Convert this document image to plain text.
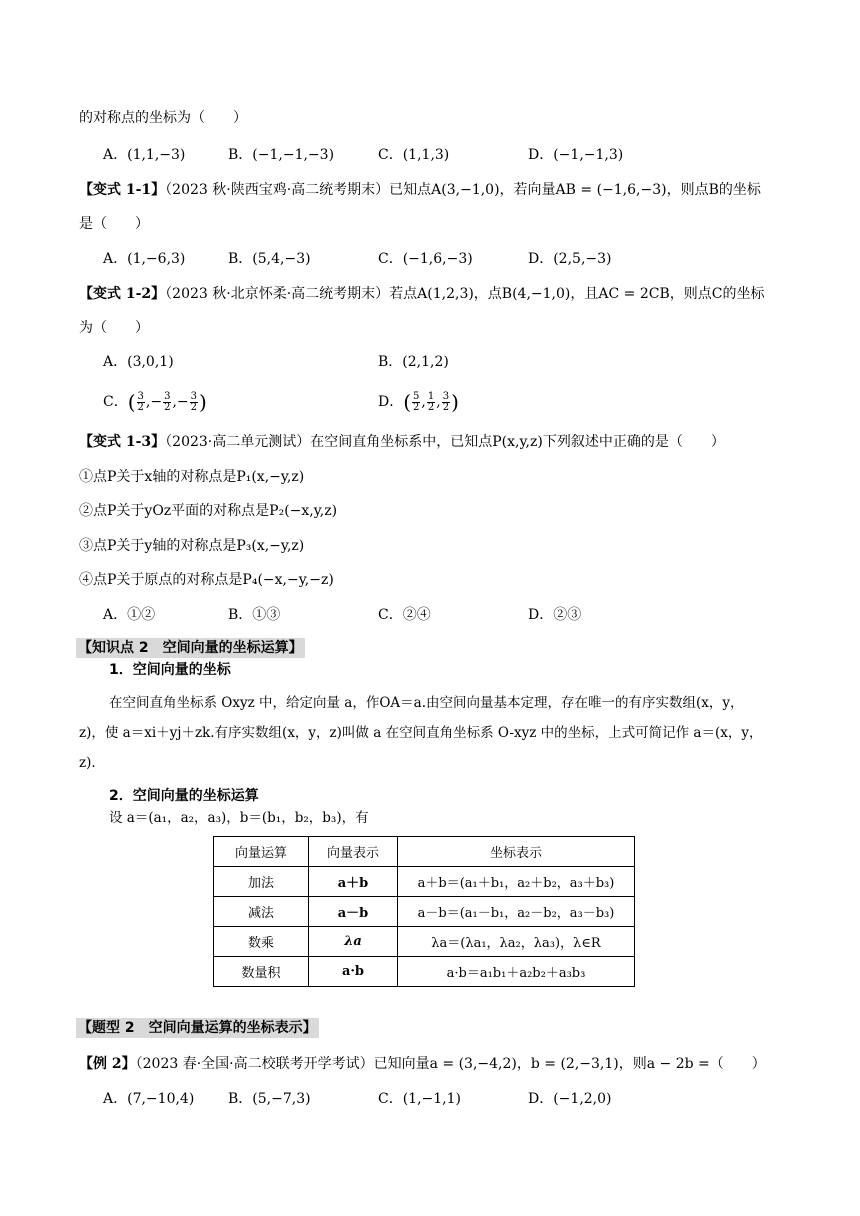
的对称点的坐标为（　　）
A．(1,1,−3)	B．(−1,−1,−3)	C．(1,1,3)	D．(−1,−1,3)
【变式 1-1】（2023 秋·陕西宝鸡·高二统考期末）已知点A(3,−1,0)，若向量AB = (−1,6,−3)，则点B的坐标
是（　　）
A．(1,−6,3)	B．(5,4,−3)	C．(−1,6,−3)	D．(2,5,−3)
【变式 1-2】（2023 秋·北京怀柔·高二统考期末）若点A(1,2,3)，点B(4,−1,0)，且AC = 2CB，则点C的坐标
为（　　）
A．(3,0,1)	B．(2,1,2)
C．( $\frac{3}{2}$ ,− $\frac{3}{2}$ ,− $\frac{3}{2}$ )	D．( $\frac{5}{2}$ , $\frac{1}{2}$ , $\frac{3}{2}$ )
【变式 1-3】（2023·高二单元测试）在空间直角坐标系中，已知点P(x,y,z)下列叙述中正确的是（　　）
①点P关于x轴的对称点是P₁(x,−y,z)
②点P关于yOz平面的对称点是P₂(−x,y,z)
③点P关于y轴的对称点是P₃(x,−y,z)
④点P关于原点的对称点是P₄(−x,−y,−z)
A．①②	B．①③	C．②④	D．②③
【知识点 2　空间向量的坐标运算】
1．空间向量的坐标
在空间直角坐标系 Oxyz 中，给定向量 a，作OA＝a.由空间向量基本定理，存在唯一的有序实数组(x，y，
z)，使 a＝xi＋yj＋zk.有序实数组(x，y，z)叫做 a 在空间直角坐标系 O-xyz 中的坐标，上式可简记作 a＝(x，y，
z).
2．空间向量的坐标运算
设 a＝(a₁，a₂，a₃)，b＝(b₁，b₂，b₃)，有
向量运算	向量表示	坐标表示
加法	a＋b	a＋b＝(a₁＋b₁，a₂＋b₂，a₃＋b₃)
减法	a－b	a－b＝(a₁－b₁，a₂－b₂，a₃－b₃)
数乘	λa	λa＝(λa₁，λa₂，λa₃)，λ∈R
数量积	a·b	a·b＝a₁b₁＋a₂b₂＋a₃b₃
【题型 2　空间向量运算的坐标表示】
【例 2】（2023 春·全国·高二校联考开学考试）已知向量a = (3,−4,2)，b = (2,−3,1)，则a − 2b =（　　）
A．(7,−10,4) B．(5,−7,3)	C．(1,−1,1)	D．(−1,2,0)
